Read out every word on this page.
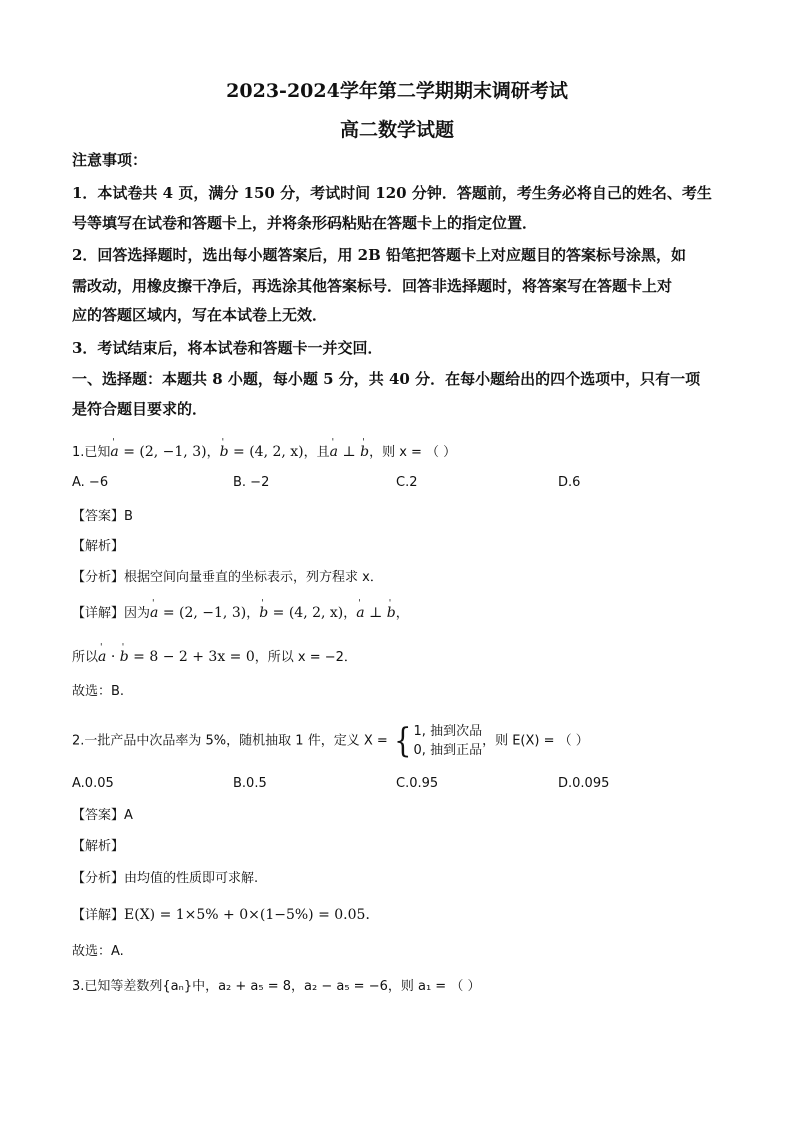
2023-2024学年第二学期期末调研考试
高二数学试题
注意事项：
1．本试卷共 4 页，满分 150 分，考试时间 120 分钟．答题前，考生务必将自己的姓名、考生
号等填写在试卷和答题卡上，并将条形码粘贴在答题卡上的指定位置．
2．回答选择题时，选出每小题答案后，用 2B 铅笔把答题卡上对应题目的答案标号涂黑，如
需改动，用橡皮擦干净后，再选涂其他答案标号．回答非选择题时，将答案写在答题卡上对
应的答题区域内，写在本试卷上无效．
3．考试结束后，将本试卷和答题卡一并交回．
一、选择题：本题共 8 小题，每小题 5 分，共 40 分．在每小题给出的四个选项中，只有一项
是符合题目要求的．
1.已知' a = (2, −1, 3)，' b = (4, 2, x)，且' a ⊥ ' b，则 x = （ ）
A. −6	B. −2	C.2	D.6
【答案】B
【解析】
【分析】根据空间向量垂直的坐标表示，列方程求 x．
【详解】因为' a = (2, −1, 3)，' b = (4, 2, x)，' a ⊥ ' b，
所以' a · ' b = 8 − 2 + 3x = 0，所以 x = −2．
故选：B.
2.一批产品中次品率为 5%，随机抽取 1 件，定义 X = { 1, 抽到次品
0, 抽到正品，则 E(X) = （ ）
A.0.05	B.0.5	C.0.95	D.0.095
【答案】A
【解析】
【分析】由均值的性质即可求解.
【详解】E(X) = 1×5% + 0×(1−5%) = 0.05．
故选：A.
3.已知等差数列{aₙ}中，a₂ + a₅ = 8，a₂ − a₅ = −6，则 a₁ = （ ）
